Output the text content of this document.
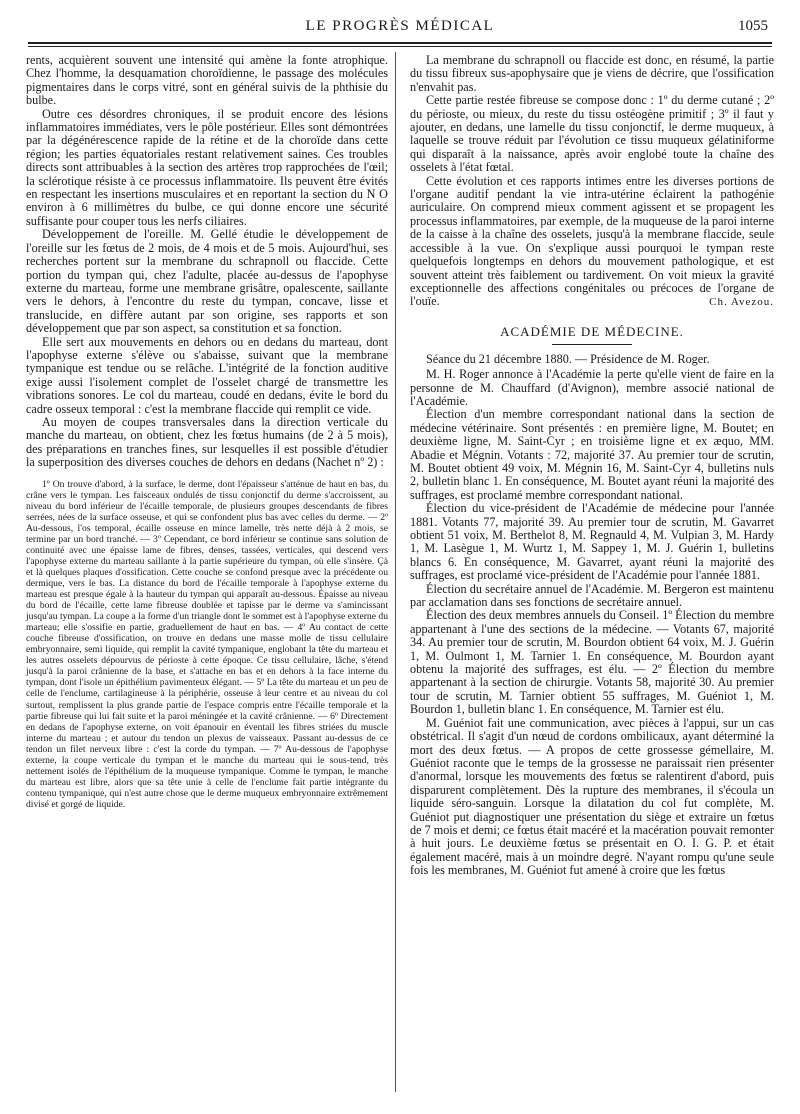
LE PROGRÈS MÉDICAL	1055

rents, acquièrent souvent une intensité qui amène la fonte atrophique. Chez l'homme, la desquamation choroïdienne, le passage des molécules pigmentaires dans le corps vitré, sont en général suivis de la phthisie du bulbe.

Outre ces désordres chroniques, il se produit encore des lésions inflammatoires immédiates, vers le pôle postérieur. Elles sont démontrées par la dégénérescence rapide de la rétine et de la choroïde dans cette région; les parties équatoriales restant relativement saines. Ces troubles directs sont attribuables à la section des artères trop rapprochées de l'œil; la sclérotique résiste à ce processus inflammatoire. Ils peuvent être évités en respectant les insertions musculaires et en reportant la section du N O environ à 6 millimètres du bulbe, ce qui donne encore une sécurité suffisante pour couper tous les nerfs ciliaires.

Développement de l'oreille. M. Gellé étudie le développement de l'oreille sur les fœtus de 2 mois, de 4 mois et de 5 mois. Aujourd'hui, ses recherches portent sur la membrane du schrapnoll ou flaccide. Cette portion du tympan qui, chez l'adulte, placée au-dessus de l'apophyse externe du marteau, forme une membrane grisâtre, opalescente, saillante vers le dehors, à l'encontre du reste du tympan, concave, lisse et translucide, en diffère autant par son origine, ses rapports et son développement que par son aspect, sa constitution et sa fonction.

Elle sert aux mouvements en dehors ou en dedans du marteau, dont l'apophyse externe s'élève ou s'abaisse, suivant que la membrane tympanique est tendue ou se relâche. L'intégrité de la fonction auditive exige aussi l'isolement complet de l'osselet chargé de transmettre les vibrations sonores. Le col du marteau, coudé en dedans, évite le bord du cadre osseux temporal : c'est la membrane flaccide qui remplit ce vide.

Au moyen de coupes transversales dans la direction verticale du manche du marteau, on obtient, chez les fœtus humains (de 2 à 5 mois), des préparations en tranches fines, sur lesquelles il est possible d'étudier la superposition des diverses couches de dehors en dedans (Nachet nº 2) :

1º On trouve d'abord, à la surface, le derme, dont l'épaisseur s'atténue de haut en bas, du crâne vers le tympan. Les faisceaux ondulés de tissu conjonctif du derme s'accroissent, au niveau du bord inférieur de l'écaille temporale, de plusieurs groupes descendants de fibres serrées, nées de la surface osseuse, et qui se confondent plus bas avec celles du derme. — 2º Au-dessous, l'os temporal, écaille osseuse en mince lamelle, très nette déjà à 2 mois, se termine par un bord tranché. — 3º Cependant, ce bord inférieur se continue sans solution de continuité avec une épaisse lame de fibres, denses, tassées, verticales, qui descend vers l'apophyse externe du marteau saillante à la partie supérieure du tympan, où elle s'insère. Çà et là quelques plaques d'ossification. Cette couche se confond presque avec la précédente ou dermique, vers le bas. La distance du bord de l'écaille temporale à l'apophyse externe du marteau est presque égale à la hauteur du tympan qui apparaît au-dessous. Épaisse au niveau du bord de l'écaille, cette lame fibreuse doublée et tapisse par le derme va s'amincissant jusqu'au tympan. La coupe a la forme d'un triangle dont le sommet est à l'apophyse externe du marteau; elle s'ossifie en partie, graduellement de haut en bas. — 4º Au contact de cette couche fibreuse d'ossification, on trouve en dedans une masse molle de tissu cellulaire embryonnaire, semi liquide, qui remplit la cavité tympanique, englobant la tête du marteau et les autres osselets dépourvus de périoste à cette époque. Ce tissu cellulaire, lâche, s'étend jusqu'à la paroi crânienne de la base, et s'attache en bas et en dehors à la face interne du tympan, dont l'isole un épithélium pavimenteux élégant. — 5º La tête du marteau et un peu de celle de l'enclume, cartilagineuse à la périphérie, osseuse à leur centre et au niveau du col surtout, remplissent la plus grande partie de l'espace compris entre l'écaille temporale et la partie fibreuse qui lui fait suite et la paroi méningée et la cavité crânienne. — 6º Directement en dedans de l'apophyse externe, on voit épanouir en éventail les fibres striées du muscle interne du marteau ; et autour du tendon un plexus de vaisseaux. Passant au-dessus de ce tendon un filet nerveux libre : c'est la corde du tympan. — 7º Au-dessous de l'apophyse externe, la coupe verticale du tympan et le manche du marteau qui le sous-tend, très nettement isolés de l'épithélium de la muqueuse tympanique. Comme le tympan, le manche du marteau est libre, alors que sa tête unie à celle de l'enclume fait partie intégrante du contenu tympanique, qui n'est autre chose que le derme muqueux embryonnaire extrêmement divisé et gorgé de liquide.

La membrane du schrapnoll ou flaccide est donc, en résumé, la partie du tissu fibreux sus-apophysaire que je viens de décrire, que l'ossification n'envahit pas.

Cette partie restée fibreuse se compose donc : 1º du derme cutané ; 2º du périoste, ou mieux, du reste du tissu ostéogène primitif ; 3º il faut y ajouter, en dedans, une lamelle du tissu conjonctif, le derme muqueux, à laquelle se trouve réduit par l'évolution ce tissu muqueux gélatiniforme qui disparaît à la naissance, après avoir englobé toute la chaîne des osselets à l'état fœtal.

Cette évolution et ces rapports intimes entre les diverses portions de l'organe auditif pendant la vie intra-utérine éclairent la pathogénie auriculaire. On comprend mieux comment agissent et se propagent les processus inflammatoires, par exemple, de la muqueuse de la paroi interne de la caisse à la chaîne des osselets, jusqu'à la membrane flaccide, seule accessible à la vue. On s'explique aussi pourquoi le tympan reste quelquefois longtemps en dehors du mouvement pathologique, et est souvent atteint très faiblement ou tardivement. On voit mieux la gravité exceptionnelle des affections congénitales ou précoces de l'organe de l'ouïe.	Ch. Avezou.
ACADÉMIE DE MÉDECINE.

Séance du 21 décembre 1880. — Présidence de M. Roger.

M. H. Roger annonce à l'Académie la perte qu'elle vient de faire en la personne de M. Chauffard (d'Avignon), membre associé national de l'Académie.

Élection d'un membre correspondant national dans la section de médecine vétérinaire. Sont présentés : en première ligne, M. Boutet; en deuxième ligne, M. Saint-Cyr ; en troisième ligne et ex æquo, MM. Abadie et Mégnin. Votants : 72, majorité 37. Au premier tour de scrutin, M. Boutet obtient 49 voix, M. Mégnin 16, M. Saint-Cyr 4, bulletins nuls 2, bulletin blanc 1. En conséquence, M. Boutet ayant réuni la majorité des suffrages, est proclamé membre correspondant national.

Élection du vice-président de l'Académie de médecine pour l'année 1881. Votants 77, majorité 39. Au premier tour de scrutin, M. Gavarret obtient 51 voix, M. Berthelot 8, M. Regnauld 4, M. Vulpian 3, M. Hardy 1, M. Lasègue 1, M. Wurtz 1, M. Sappey 1, M. J. Guérin 1, bulletins blancs 6. En conséquence, M. Gavarret, ayant réuni la majorité des suffrages, est proclamé vice-président de l'Académie pour l'année 1881.

Élection du secrétaire annuel de l'Académie. M. Bergeron est maintenu par acclamation dans ses fonctions de secrétaire annuel.

Élection des deux membres annuels du Conseil. 1º Élection du membre appartenant à l'une des sections de la médecine. — Votants 67, majorité 34. Au premier tour de scrutin, M. Bourdon obtient 64 voix, M. J. Guérin 1, M. Oulmont 1, M. Tarnier 1. En conséquence, M. Bourdon ayant obtenu la majorité des suffrages, est élu. — 2º Élection du membre appartenant à la section de chirurgie. Votants 58, majorité 30. Au premier tour de scrutin, M. Tarnier obtient 55 suffrages, M. Guéniot 1, M. Bourdon 1, bulletin blanc 1. En conséquence, M. Tarnier est élu.

M. Guéniot fait une communication, avec pièces à l'appui, sur un cas obstétrical. Il s'agit d'un nœud de cordons ombilicaux, ayant déterminé la mort des deux fœtus. — A propos de cette grossesse gémellaire, M. Guéniot raconte que le temps de la grossesse ne paraissait rien présenter d'anormal, lorsque les mouvements des fœtus se ralentirent d'abord, puis disparurent complètement. Dès la rupture des membranes, il s'écoula un liquide séro-sanguin. Lorsque la dilatation du col fut complète, M. Guéniot put diagnostiquer une présentation du siège et extraire un fœtus de 7 mois et demi; ce fœtus était macéré et la macération pouvait remonter à huit jours. Le deuxième fœtus se présentait en O. I. G. P. et était également macéré, mais à un moindre degré. N'ayant rompu qu'une seule fois les membranes, M. Guéniot fut amené à croire que les fœtus
